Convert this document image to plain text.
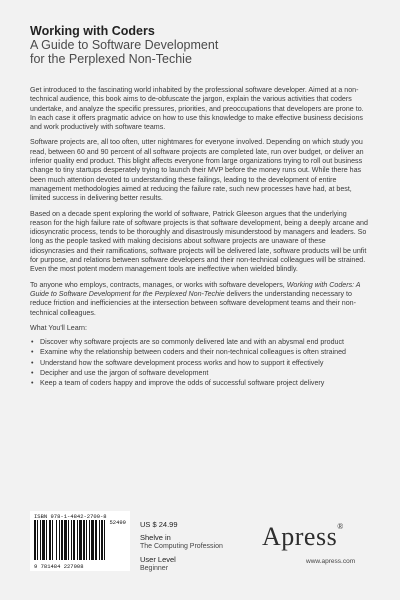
Working with Coders
A Guide to Software Development for the Perplexed Non-Techie

Get introduced to the fascinating world inhabited by the professional software developer. Aimed at a non-technical audience, this book aims to de-obfuscate the jargon, explain the various activities that coders undertake, and analyze the specific pressures, priorities, and preoccupations that developers are prone to. In each case it offers pragmatic advice on how to use this knowledge to make effective business decisions and work productively with software teams.

Software projects are, all too often, utter nightmares for everyone involved. Depending on which study you read, between 60 and 90 percent of all software projects are completed late, run over budget, or deliver an inferior quality end product. This blight affects everyone from large organizations trying to roll out business change to tiny startups desperately trying to launch their MVP before the money runs out. While there has been much attention devoted to understanding these failings, leading to the development of entire management methodologies aimed at reducing the failure rate, such new processes have had, at best, limited success in delivering better results.

Based on a decade spent exploring the world of software, Patrick Gleeson argues that the underlying reason for the high failure rate of software projects is that software development, being a deeply arcane and idiosyncratic process, tends to be thoroughly and disastrously misunderstood by managers and leaders. So long as the people tasked with making decisions about software projects are unaware of these idiosyncrasies and their ramifications, software projects will be delivered late, software products will be unfit for purpose, and relations between software developers and their non-technical colleagues will be strained. Even the most potent modern management tools are ineffective when wielded blindly.

To anyone who employs, contracts, manages, or works with software developers, Working with Coders: A Guide to Software Development for the Perplexed Non-Techie delivers the understanding necessary to reduce friction and inefficiencies at the intersection between software development teams and their non-technical colleagues.

What You'll Learn:

• Discover why software projects are so commonly delivered late and with an abysmal end product
• Examine why the relationship between coders and their non-technical colleagues is often strained
• Understand how the software development process works and how to support it effectively
• Decipher and use the jargon of software development
• Keep a team of coders happy and improve the odds of successful software project delivery
ISBN 978-1-4842-2700-8
52499
9 781484 227008
US $ 24.99
Shelve in
The Computing Profession
User Level
Beginner
Apress®
www.apress.com
